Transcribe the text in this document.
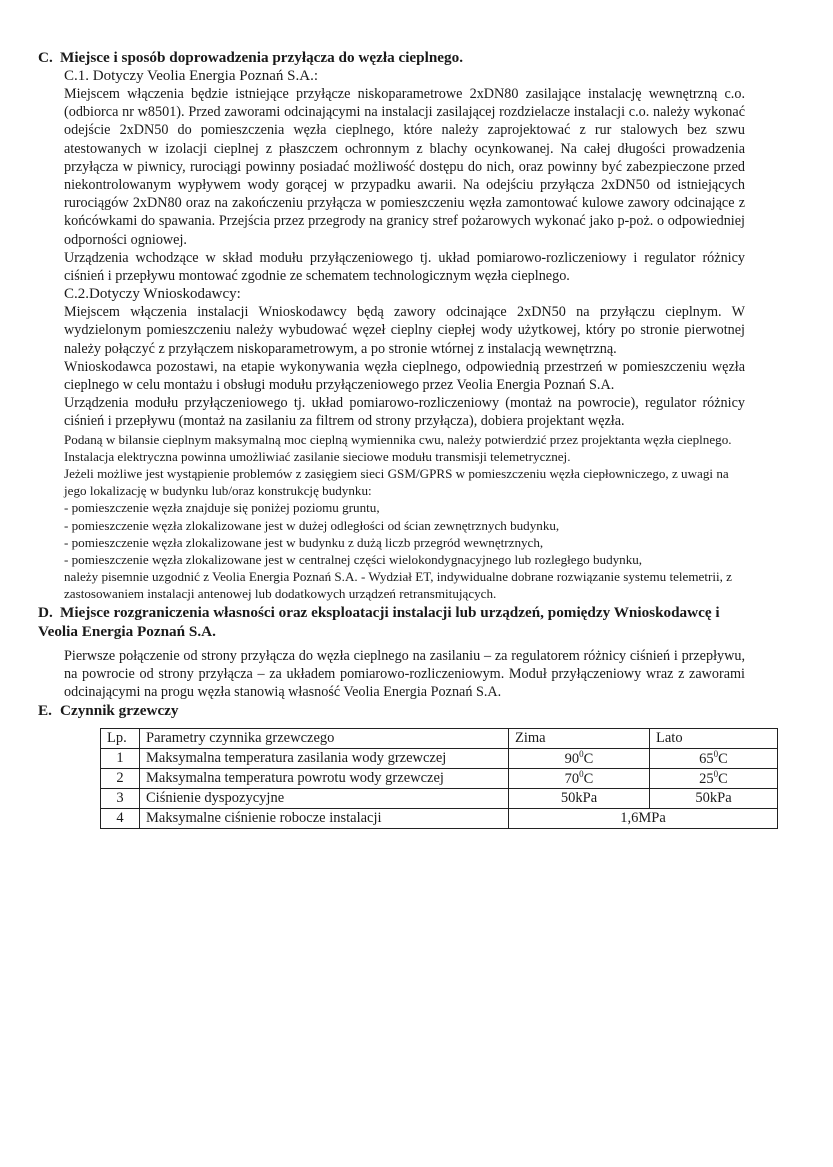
C. Miejsce i sposób doprowadzenia przyłącza do węzła cieplnego.

C.1. Dotyczy Veolia Energia Poznań S.A.:

Miejscem włączenia będzie istniejące przyłącze niskoparametrowe 2xDN80 zasilające instalację wewnętrzną c.o. (odbiorca nr w8501). Przed zaworami odcinającymi na instalacji zasilającej rozdzielacze instalacji c.o. należy wykonać odejście 2xDN50 do pomieszczenia węzła cieplnego, które należy zaprojektować z rur stalowych bez szwu atestowanych w izolacji cieplnej z płaszczem ochronnym z blachy ocynkowanej. Na całej długości prowadzenia przyłącza w piwnicy, rurociągi powinny posiadać możliwość dostępu do nich, oraz powinny być zabezpieczone przed niekontrolowanym wypływem wody gorącej w przypadku awarii. Na odejściu przyłącza 2xDN50 od istniejących rurociągów 2xDN80 oraz na zakończeniu przyłącza w pomieszczeniu węzła zamontować kulowe zawory odcinające z końcówkami do spawania. Przejścia przez przegrody na granicy stref pożarowych wykonać jako p-poż. o odpowiedniej odporności ogniowej.

Urządzenia wchodzące w skład modułu przyłączeniowego tj. układ pomiarowo-rozliczeniowy i regulator różnicy ciśnień i przepływu montować zgodnie ze schematem technologicznym węzła cieplnego.

C.2.Dotyczy Wnioskodawcy:

Miejscem włączenia instalacji Wnioskodawcy będą zawory odcinające 2xDN50 na przyłączu cieplnym. W wydzielonym pomieszczeniu należy wybudować węzeł cieplny ciepłej wody użytkowej, który po stronie pierwotnej należy połączyć z przyłączem niskoparametrowym, a po stronie wtórnej z instalacją wewnętrzną.

Wnioskodawca pozostawi, na etapie wykonywania węzła cieplnego, odpowiednią przestrzeń w pomieszczeniu węzła cieplnego w celu montażu i obsługi modułu przyłączeniowego przez Veolia Energia Poznań S.A.

Urządzenia modułu przyłączeniowego tj. układ pomiarowo-rozliczeniowy (montaż na powrocie), regulator różnicy ciśnień i przepływu (montaż na zasilaniu za filtrem od strony przyłącza), dobiera projektant węzła.

Podaną w bilansie cieplnym maksymalną moc cieplną wymiennika cwu, należy potwierdzić przez projektanta węzła cieplnego. Instalacja elektryczna powinna umożliwiać zasilanie sieciowe modułu transmisji telemetrycznej.

Jeżeli możliwe jest wystąpienie problemów z zasięgiem sieci GSM/GPRS w pomieszczeniu węzła ciepłowniczego, z uwagi na jego lokalizację w budynku lub/oraz konstrukcję budynku:

- pomieszczenie węzła znajduje się poniżej poziomu gruntu,
- pomieszczenie węzła zlokalizowane jest w dużej odległości od ścian zewnętrznych budynku,
- pomieszczenie węzła zlokalizowane jest w budynku z dużą liczb przegród wewnętrznych,
- pomieszczenie węzła zlokalizowane jest w centralnej części wielokondygnacyjnego lub rozległego budynku,

należy pisemnie uzgodnić z Veolia Energia Poznań S.A. - Wydział ET, indywidualne dobrane rozwiązanie systemu telemetrii, z zastosowaniem instalacji antenowej lub dodatkowych urządzeń retransmitujących.

D. Miejsce rozgraniczenia własności oraz eksploatacji instalacji lub urządzeń, pomiędzy Wnioskodawcę i Veolia Energia Poznań S.A.

Pierwsze połączenie od strony przyłącza do węzła cieplnego na zasilaniu – za regulatorem różnicy ciśnień i przepływu, na powrocie od strony przyłącza – za układem pomiarowo-rozliczeniowym. Moduł przyłączeniowy wraz z zaworami odcinającymi na progu węzła stanowią własność Veolia Energia Poznań S.A.

E. Czynnik grzewczy

Lp.	Parametry czynnika grzewczego	Zima	Lato
1	Maksymalna temperatura zasilania wody grzewczej	$90^0C$	$65^0C$
2	Maksymalna temperatura powrotu wody grzewczej	$70^0C$	$25^0C$
3	Ciśnienie dyspozycyjne	50kPa	50kPa
4	Maksymalne ciśnienie robocze instalacji	1,6MPa	
